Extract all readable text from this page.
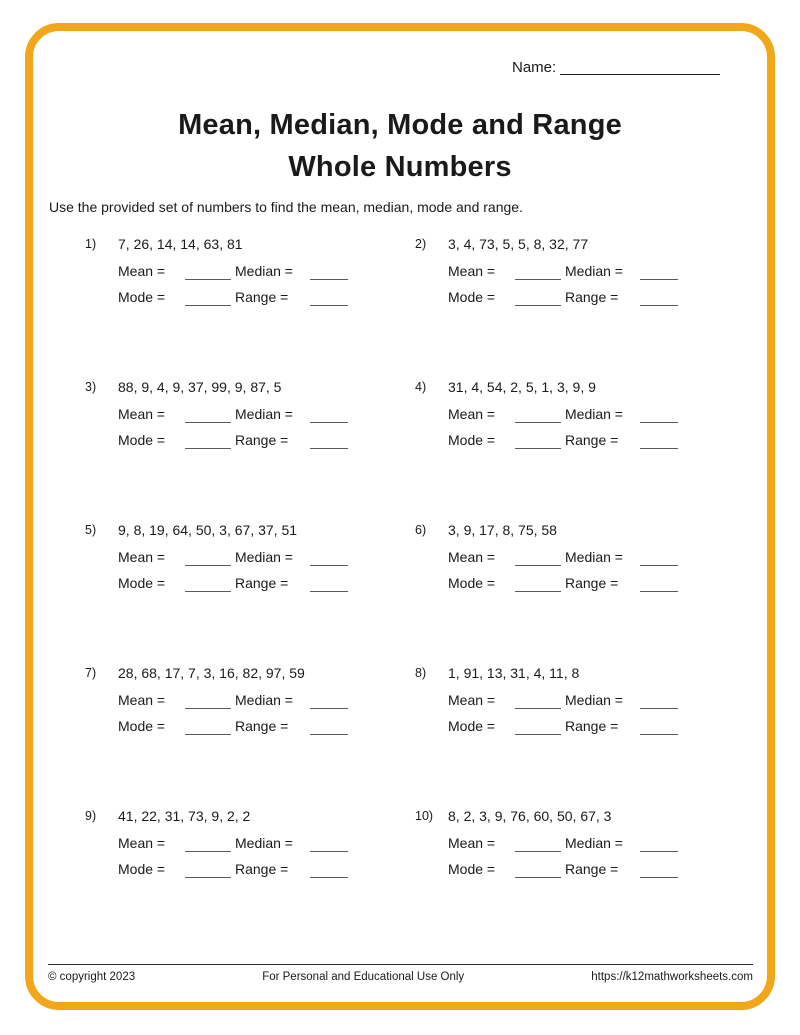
Name:
Mean, Median, Mode and Range
Whole Numbers
Use the provided set of numbers to find the mean, median, mode and range.
1) 7, 26, 14, 14, 63, 81
Mean =	Median =
Mode =	Range =
2) 3, 4, 73, 5, 5, 8, 32, 77
Mean =	Median =
Mode =	Range =
3) 88, 9, 4, 9, 37, 99, 9, 87, 5
Mean =	Median =
Mode =	Range =
4) 31, 4, 54, 2, 5, 1, 3, 9, 9
Mean =	Median =
Mode =	Range =
5) 9, 8, 19, 64, 50, 3, 67, 37, 51
Mean =	Median =
Mode =	Range =
6) 3, 9, 17, 8, 75, 58
Mean =	Median =
Mode =	Range =
7) 28, 68, 17, 7, 3, 16, 82, 97, 59
Mean =	Median =
Mode =	Range =
8) 1, 91, 13, 31, 4, 11, 8
Mean =	Median =
Mode =	Range =
9) 41, 22, 31, 73, 9, 2, 2
Mean =	Median =
Mode =	Range =
10) 8, 2, 3, 9, 76, 60, 50, 67, 3
Mean =	Median =
Mode =	Range =
© copyright 2023	For Personal and Educational Use Only	https://k12mathworksheets.com
